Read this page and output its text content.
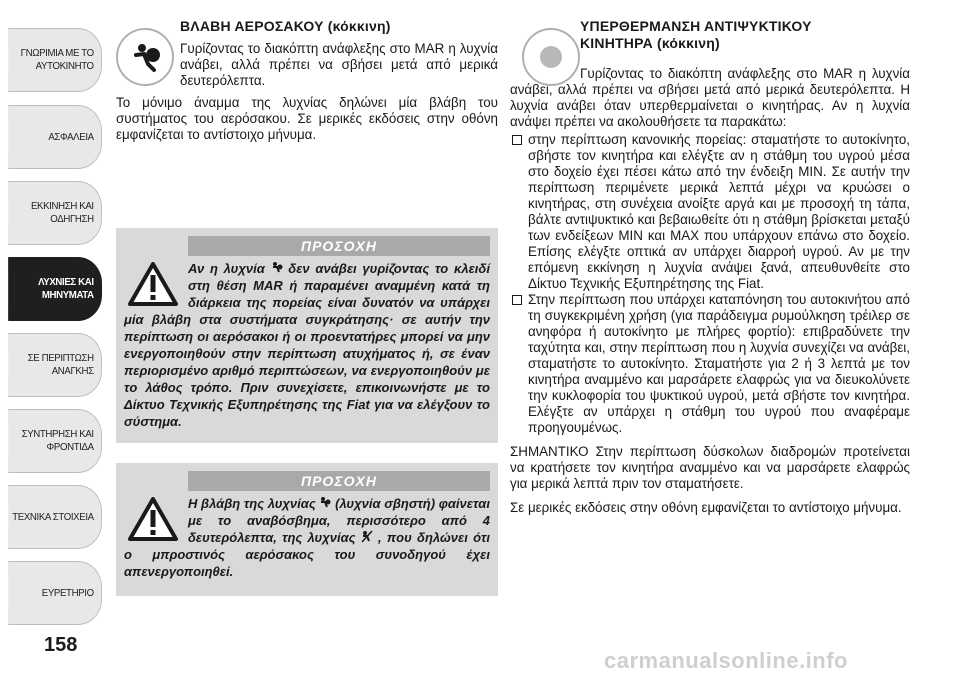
ΓΝΩΡΙΜΙΑ ΜΕ ΤΟ
ΑΥΤΟΚΙΝΗΤΟ
ΑΣΦΑΛΕΙΑ
ΕΚΚΙΝΗΣΗ ΚΑΙ
ΟΔΗΓΗΣΗ
ΛΥΧΝΙΕΣ ΚΑΙ
ΜΗΝΥΜΑΤΑ
ΣΕ ΠΕΡΙΠΤΩΣΗ
ΑΝΑΓΚΗΣ
ΣΥΝΤΗΡΗΣΗ ΚΑΙ
ΦΡΟΝΤΙΔΑ
ΤΕΧΝΙΚΑ ΣΤΟΙΧΕΙΑ
ΕΥΡΕΤΗΡΙΟ
158
ΒΛΑΒΗ ΑΕΡΟΣΑΚΟΥ (κόκκινη)
Γυρίζοντας το διακόπτη ανάφλεξης στο MAR η λυχνία ανάβει, αλλά πρέπει να σβήσει μετά από μερικά δευτερόλεπτα.
Το μόνιμο άναμμα της λυχνίας δηλώνει μία βλάβη του συστήματος του αερόσακου. Σε μερικές εκδόσεις στην οθόνη εμφανίζεται το αντίστοιχο μήνυμα.
ΠΡΟΣΟΧΗ
Αν η λυχνία δεν ανάβει γυρίζοντας το κλειδί στη θέση MAR ή παραμένει αναμμένη κατά τη διάρκεια της πορείας είναι δυνατόν να υπάρχει μία βλάβη στα συστήματα συγκράτησης· σε αυτήν την περίπτωση οι αερόσακοι ή οι προεντατήρες μπορεί να μην ενεργοποιηθούν στην περίπτωση ατυχήματος ή, σε έναν περιορισμένο αριθμό περιπτώσεων, να ενεργοποιηθούν με το λάθος τρόπο. Πριν συνεχίσετε, επικοινωνήστε με το Δίκτυο Τεχνικής Εξυπηρέτησης της Fiat για να ελέγξουν το σύστημα.
ΠΡΟΣΟΧΗ
Η βλάβη της λυχνίας (λυχνία σβηστή) φαίνεται με το αναβόσβημα, περισσότερο από 4 δευτερόλεπτα, της λυχνίας , που δηλώνει ότι ο μπροστινός αερόσακος του συνοδηγού έχει απενεργοποιηθεί.
ΥΠΕΡΘΕΡΜΑΝΣΗ ΑΝΤΙΨΥΚΤΙΚΟΥ
ΚΙΝΗΤΗΡΑ (κόκκινη)
Γυρίζοντας το διακόπτη ανάφλεξης στο MAR η λυχνία ανάβει, αλλά πρέπει να σβήσει μετά από μερικά δευτερόλεπτα. Η λυχνία ανάβει όταν υπερθερμαίνεται ο κινητήρας. Αν η λυχνία ανάψει πρέπει να ακολουθήσετε τα παρακάτω:
στην περίπτωση κανονικής πορείας: σταματήστε το αυτοκίνητο, σβήστε τον κινητήρα και ελέγξτε αν η στάθμη του υγρού μέσα στο δοχείο έχει πέσει κάτω από την ένδειξη MIN. Σε αυτήν την περίπτωση περιμένετε μερικά λεπτά μέχρι να κρυώσει ο κινητήρας, στη συνέχεια ανοίξτε αργά και με προσοχή τη τάπα, βάλτε αντιψυκτικό και βεβαιωθείτε ότι η στάθμη βρίσκεται μεταξύ των ενδείξεων MIN και MAX που υπάρχουν επάνω στο δοχείο. Επίσης ελέγξτε οπτικά αν υπάρχει διαρροή υγρού. Αν με την επόμενη εκκίνηση η λυχνία ανάψει ξανά, απευθυνθείτε στο Δίκτυο Τεχνικής Εξυπηρέτησης της Fiat.
Στην περίπτωση που υπάρχει καταπόνηση του αυτοκινήτου από τη συγκεκριμένη χρήση (για παράδειγμα ρυμούλκηση τρέιλερ σε ανηφόρα ή αυτοκίνητο με πλήρες φορτίο): επιβραδύνετε την ταχύτητα και, στην περίπτωση που η λυχνία συνεχίζει να ανάβει, σταματήστε το αυτοκίνητο. Σταματήστε για 2 ή 3 λεπτά με τον κινητήρα αναμμένο και μαρσάρετε ελαφρώς για να διευκολύνετε την κυκλοφορία του ψυκτικού υγρού, μετά σβήστε τον κινητήρα. Ελέγξτε αν υπάρχει η στάθμη του υγρού που αναφέραμε προηγουμένως.
ΣΗΜΑΝΤΙΚΟ Στην περίπτωση δύσκολων διαδρομών προτείνεται να κρατήσετε τον κινητήρα αναμμένο και να μαρσάρετε ελαφρώς για μερικά λεπτά πριν τον σταματήσετε.
Σε μερικές εκδόσεις στην οθόνη εμφανίζεται το αντίστοιχο μήνυμα.
carmanualsonline.info
